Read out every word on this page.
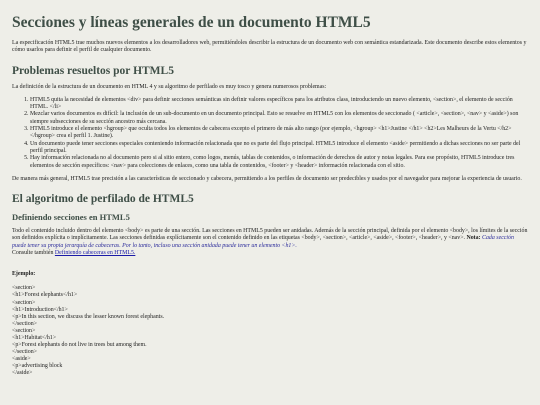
Secciones y líneas generales de un documento HTML5

La especificación HTML5 trae muchos nuevos elementos a los desarrolladores web, permitiéndoles describir la estructura de un documento web con semántica estandarizada. Este documento describe estos elementos y cómo usarlos para definir el perfil de cualquier documento.

Problemas resueltos por HTML5

La definición de la estructura de un documento en HTML 4 y su algoritmo de perfilado es muy tosco y genera numerosos problemas:

1. HTML5 quita la necesidad de elementos <div> para definir secciones semánticas sin definir valores específicos para los atributos class, introduciendo un nuevo elemento, <section>, el elemento de sección HTML. </li>
2. Mezclar varios documentos es difícil: la inclusión de un sub-documento en un documento principal. Esto se resuelve en HTML5 con los elementos de seccionado ( <article>, <section>, <nav> y <aside>) son siempre subsecciones de su sección ancestro más cercana.
3. HTML5 introduce el elemento <hgroup> que oculta todos los elementos de cabecera excepto el primero de más alto rango (por ejemplo, <hgroup> <h1>Justine </h1> <h2>Les Malheurs de la Vertu </h2> </hgroup> crea el perfil 1. Justine).
4. Un documento puede tener secciones especiales conteniendo información relacionada que no es parte del flujo principal. HTML5 introduce el elemento <aside> permitiendo a dichas secciones no ser parte del perfil principal.
5. Hay información relacionada no al documento pero si al sitio entero, como logos, menús, tablas de contenidos, o información de derechos de autor y notas legales. Para ese propósito, HTML5 introduce tres elementos de sección específicos: <nav> para colecciones de enlaces, como una tabla de contenidos, <footer> y <header> información relacionada con el sitio.

De manera más general, HTML5 trae precisión a las características de seccionado y cabecera, permitiendo a los perfiles de documento ser predecibles y usados por el navegador para mejorar la experiencia de usuario.

El algoritmo de perfilado de HTML5
Definiendo secciones en HTML5

Todo el contenido incluido dentro del elemento <body> es parte de una sección. Las secciones en HTML5 pueden ser anidadas. Además de la sección principal, definida por el elemento <body>, los límites de la sección son definidos explícita o implícitamente. Las secciones definidas explícitamente son el contenido definido en las etiquetas <body>, <section>, <article>, <aside>, <footer>, <header>, y <nav>. Nota: Cada sección puede tener su propia jerarquía de cabeceras. Por lo tanto, incluso una sección anidada puede tener un elemento <h1>.
Consulte también Definiendo cabeceras en HTML5.

Ejemplo:
<section>
<h1>Forest elephants</h1>
<section>
<h1>Introduction</h1>
<p>In this section, we discuss the lesser known forest elephants.
</section>
<section>
<h1>Habitat</h1>
<p>Forest elephants do not live in trees but among them.
</section>
<aside>
<p>advertising block
</aside>
